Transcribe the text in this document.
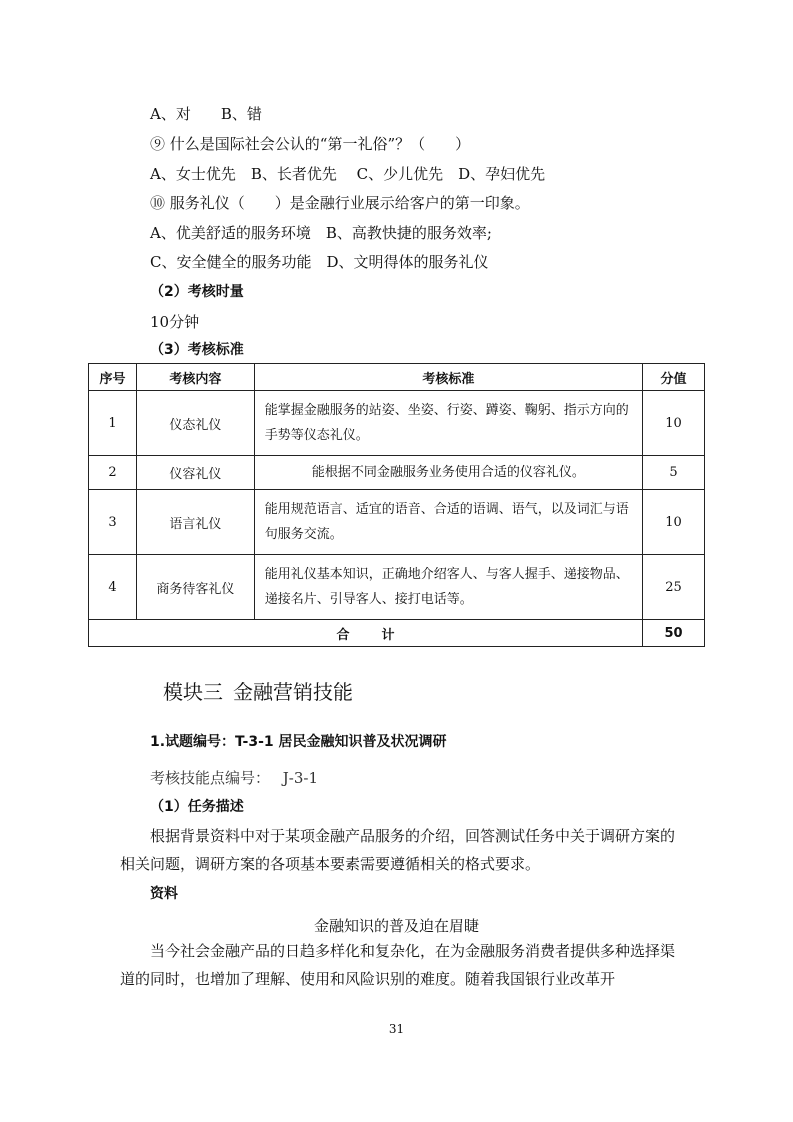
A、对　　B、错
⑨ 什么是国际社会公认的“第一礼俗”？（　　）
A、女士优先　B、长者优先　 C、少儿优先　D、孕妇优先
⑩ 服务礼仪（　　）是金融行业展示给客户的第一印象。
A、优美舒适的服务环境　B、高教快捷的服务效率;
C、安全健全的服务功能　D、文明得体的服务礼仪
（2）考核时量
10分钟
（3）考核标准
序号	考核内容	考核标准	分值
1	仪态礼仪	能掌握金融服务的站姿、坐姿、行姿、蹲姿、鞠躬、指示方向的手势等仪态礼仪。	10
2	仪容礼仪	能根据不同金融服务业务使用合适的仪容礼仪。	5
3	语言礼仪	能用规范语言、适宜的语音、合适的语调、语气，以及词汇与语句服务交流。	10
4	商务待客礼仪	能用礼仪基本知识，正确地介绍客人、与客人握手、递接物品、递接名片、引导客人、接打电话等。	25
合 计			50
模块三 金融营销技能
1.试题编号：T-3-1 居民金融知识普及状况调研
考核技能点编号： J-3-1
（1）任务描述
根据背景资料中对于某项金融产品服务的介绍，回答测试任务中关于调研方案的相关问题，调研方案的各项基本要素需要遵循相关的格式要求。
资料
金融知识的普及迫在眉睫
当今社会金融产品的日趋多样化和复杂化，在为金融服务消费者提供多种选择渠道的同时，也增加了理解、使用和风险识别的难度。随着我国银行业改革开
31
